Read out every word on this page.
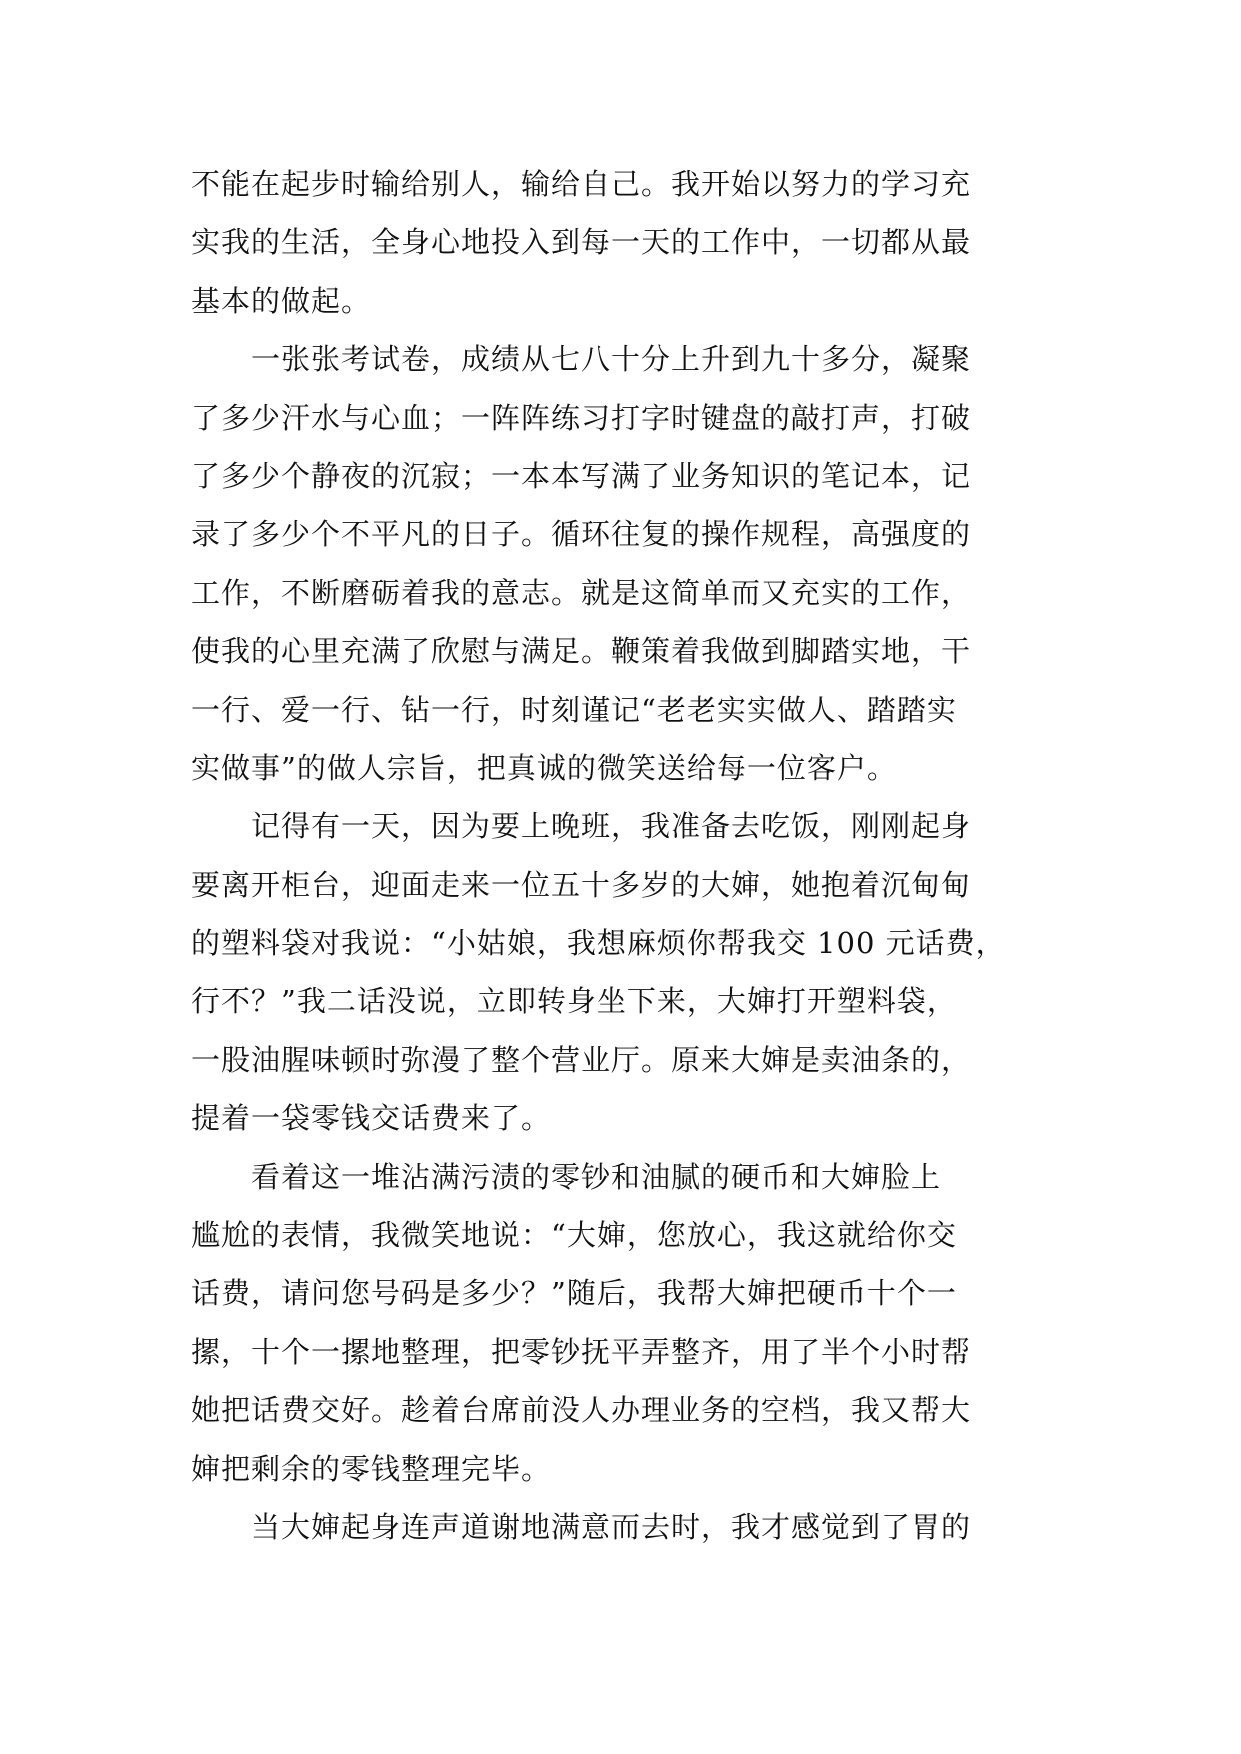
不能在起步时输给别人，输给自己。我开始以努力的学习充
实我的生活，全身心地投入到每一天的工作中，一切都从最
基本的做起。
　　一张张考试卷，成绩从七八十分上升到九十多分，凝聚
了多少汗水与心血；一阵阵练习打字时键盘的敲打声，打破
了多少个静夜的沉寂；一本本写满了业务知识的笔记本，记
录了多少个不平凡的日子。循环往复的操作规程，高强度的
工作，不断磨砺着我的意志。就是这简单而又充实的工作，
使我的心里充满了欣慰与满足。鞭策着我做到脚踏实地，干
一行、爱一行、钻一行，时刻谨记“老老实实做人、踏踏实
实做事”的做人宗旨，把真诚的微笑送给每一位客户。
　　记得有一天，因为要上晚班，我准备去吃饭，刚刚起身
要离开柜台，迎面走来一位五十多岁的大婶，她抱着沉甸甸
的塑料袋对我说：“小姑娘，我想麻烦你帮我交 100 元话费，
行不？”我二话没说，立即转身坐下来，大婶打开塑料袋，
一股油腥味顿时弥漫了整个营业厅。原来大婶是卖油条的，
提着一袋零钱交话费来了。
　　看着这一堆沾满污渍的零钞和油腻的硬币和大婶脸上
尴尬的表情，我微笑地说：“大婶，您放心，我这就给你交
话费，请问您号码是多少？”随后，我帮大婶把硬币十个一
摞，十个一摞地整理，把零钞抚平弄整齐，用了半个小时帮
她把话费交好。趁着台席前没人办理业务的空档，我又帮大
婶把剩余的零钱整理完毕。
　　当大婶起身连声道谢地满意而去时，我才感觉到了胃的
